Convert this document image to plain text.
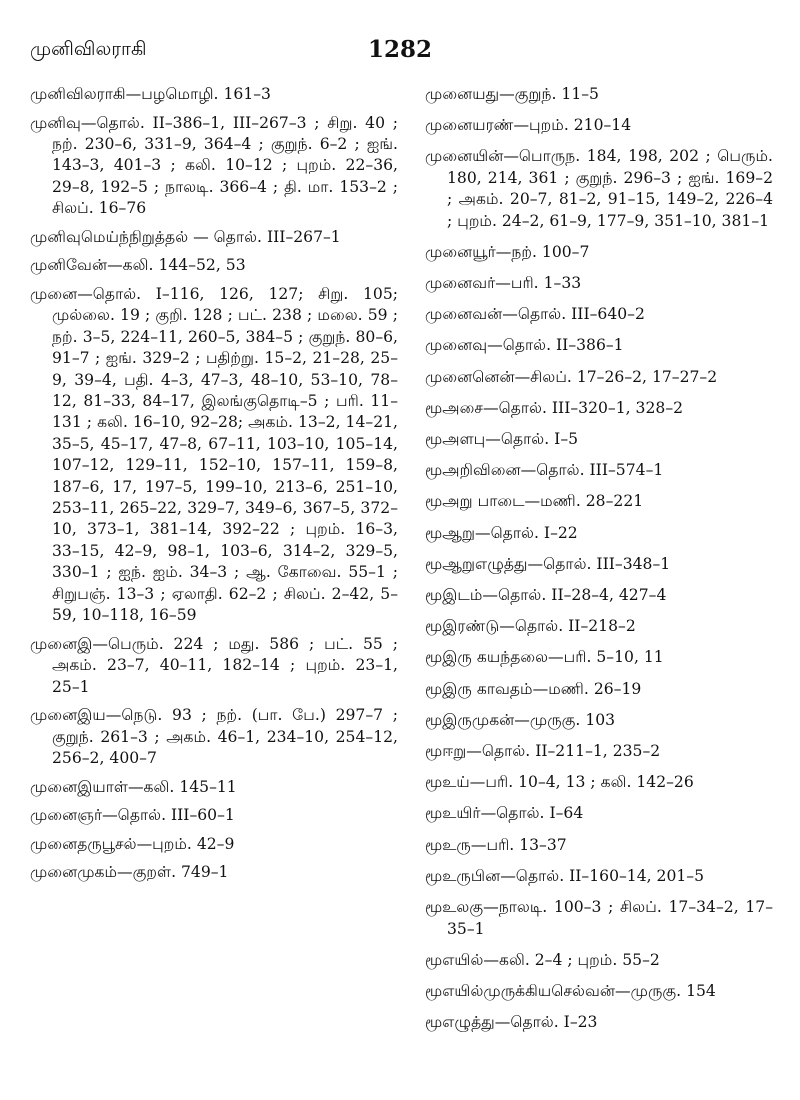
முனிவிலராகி	1282

முனிவிலராகி—பழமொழி. 161–3

முனிவு—தொல். II–386–1, III–267–3 ; சிறு. 40 ; நற். 230–6, 331–9, 364–4 ; குறுந். 6–2 ; ஐங். 143–3, 401–3 ; கலி. 10–12 ; புறம். 22–36, 29–8, 192–5 ; நாலடி. 366–4 ; தி. மா. 153–2 ; சிலப். 16–76

முனிவுமெய்ந்நிறுத்தல் — தொல். III–267–1

முனிவேன்—கலி. 144–52, 53

முனை—தொல். I–116, 126, 127; சிறு. 105; முல்லை. 19 ; குறி. 128 ; பட். 238 ; மலை. 59 ; நற். 3–5, 224–11, 260–5, 384–5 ; குறுந். 80–6, 91–7 ; ஐங். 329–2 ; பதிற்று. 15–2, 21–28, 25–9, 39–4, பதி. 4–3, 47–3, 48–10, 53–10, 78–12, 81–33, 84–17, இலங்குதொடி–5 ; பரி. 11–131 ; கலி. 16–10, 92–28; அகம். 13–2, 14–21, 35–5, 45–17, 47–8, 67–11, 103–10, 105–14, 107–12, 129–11, 152–10, 157–11, 159–8, 187–6, 17, 197–5, 199–10, 213–6, 251–10, 253–11, 265–22, 329–7, 349–6, 367–5, 372–10, 373–1, 381–14, 392–22 ; புறம். 16–3, 33–15, 42–9, 98–1, 103–6, 314–2, 329–5, 330–1 ; ஐந். ஐம். 34–3 ; ஆ. கோவை. 55–1 ; சிறுபஞ். 13–3 ; ஏலாதி. 62–2 ; சிலப். 2–42, 5–59, 10–118, 16–59

முனைஇ—பெரும். 224 ; மது. 586 ; பட். 55 ; அகம். 23–7, 40–11, 182–14 ; புறம். 23–1, 25–1

முனைஇய—நெடு. 93 ; நற். (பா. பே.) 297–7 ; குறுந். 261–3 ; அகம். 46–1, 234–10, 254–12, 256–2, 400–7

முனைஇயாள்—கலி. 145–11

முனைஞர்—தொல். III–60–1

முனைதருபூசல்—புறம். 42–9

முனைமுகம்—குறள். 749–1

முனையது—குறுந். 11–5

முனையரண்—புறம். 210–14

முனையின்—பொருந. 184, 198, 202 ; பெரும். 180, 214, 361 ; குறுந். 296–3 ; ஐங். 169–2 ; அகம். 20–7, 81–2, 91–15, 149–2, 226–4 ; புறம். 24–2, 61–9, 177–9, 351–10, 381–1

முனையூர்—நற். 100–7

முனைவர்—பரி. 1–33

முனைவன்—தொல். III–640–2

முனைவு—தொல். II–386–1

முனைனென்—சிலப். 17–26–2, 17–27–2

மூஅசை—தொல். III–320–1, 328–2

மூஅளபு—தொல். I–5

மூஅறிவினை—தொல். III–574–1

மூஅறு பாடை—மணி. 28–221

மூஆறு—தொல். I–22

மூஆறுஎழுத்து—தொல். III–348–1

மூஇடம்—தொல். II–28–4, 427–4

மூஇரண்டு—தொல். II–218–2

மூஇரு கயந்தலை—பரி. 5–10, 11

மூஇரு காவதம்—மணி. 26–19

மூஇருமுகன்—முருகு. 103

மூஈறு—தொல். II–211–1, 235–2

மூஉய்—பரி. 10–4, 13 ; கலி. 142–26

மூஉயிர்—தொல். I–64

மூஉரு—பரி. 13–37

மூஉருபின—தொல். II–160–14, 201–5

மூஉலகு—நாலடி. 100–3 ; சிலப். 17–34–2, 17–35–1

மூஎயில்—கலி. 2–4 ; புறம். 55–2

மூஎயில்முருக்கியசெல்வன்—முருகு. 154

மூஎழுத்து—தொல். I–23
